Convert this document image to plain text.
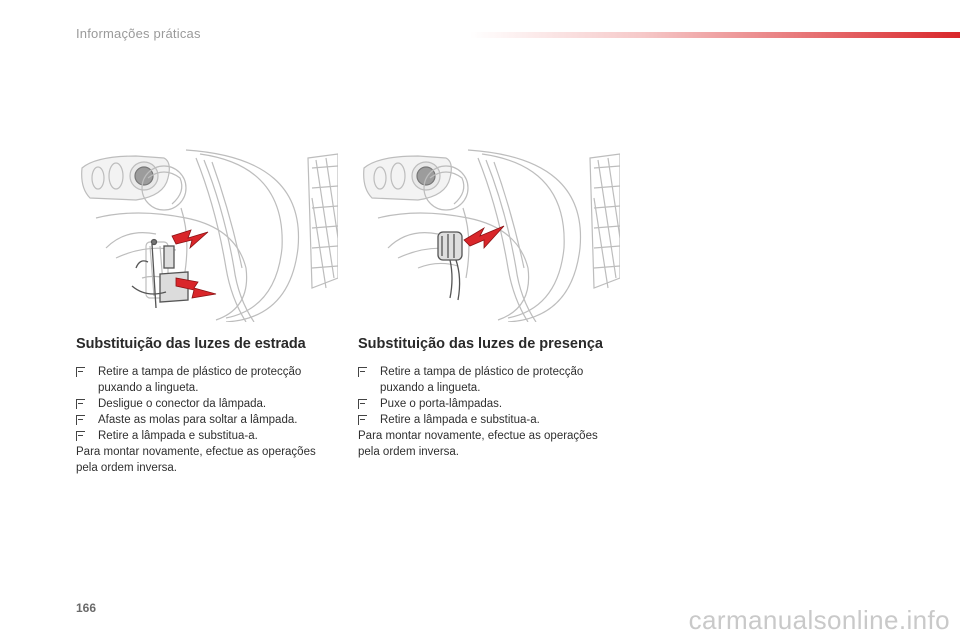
Informações práticas
Substituição das luzes de estrada
Retire a tampa de plástico de protecção puxando a lingueta.
Desligue o conector da lâmpada.
Afaste as molas para soltar a lâmpada.
Retire a lâmpada e substitua-a.
Para montar novamente, efectue as operações pela ordem inversa.
Substituição das luzes de presença
Retire a tampa de plástico de protecção puxando a lingueta.
Puxe o porta-lâmpadas.
Retire a lâmpada e substitua-a.
Para montar novamente, efectue as operações pela ordem inversa.
166	carmanualsonline.info
